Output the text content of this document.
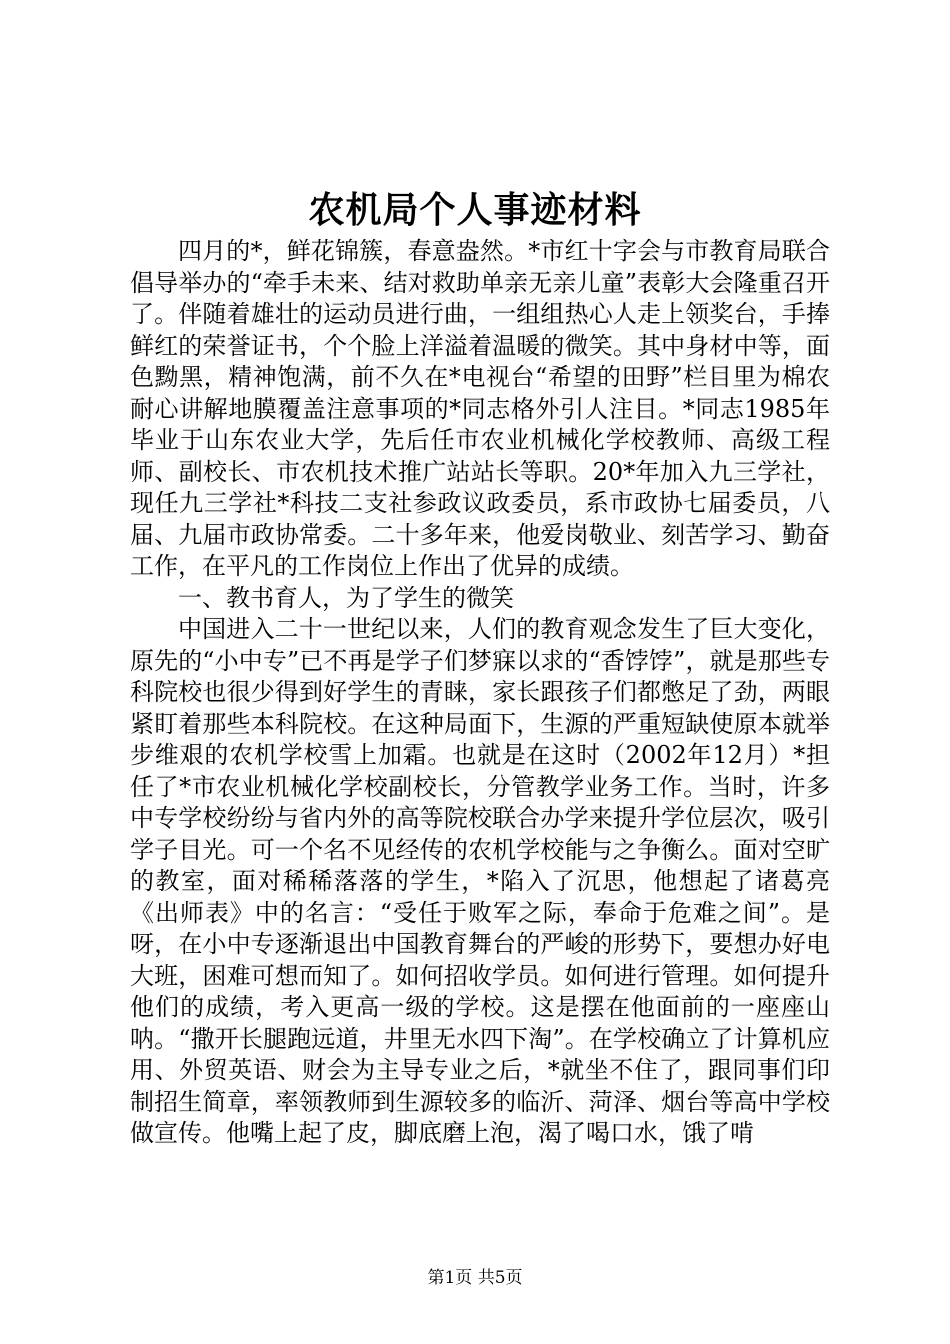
农机局个人事迹材料

四月的*，鲜花锦簇，春意盎然。*市红十字会与市教育局联合倡导举办的“牵手未来、结对救助单亲无亲儿童”表彰大会隆重召开了。伴随着雄壮的运动员进行曲，一组组热心人走上领奖台，手捧鲜红的荣誉证书，个个脸上洋溢着温暖的微笑。其中身材中等，面色黝黑，精神饱满，前不久在*电视台“希望的田野”栏目里为棉农耐心讲解地膜覆盖注意事项的*同志格外引人注目。*同志1985年毕业于山东农业大学，先后任市农业机械化学校教师、高级工程师、副校长、市农机技术推广站站长等职。20*年加入九三学社，现任九三学社*科技二支社参政议政委员，系市政协七届委员，八届、九届市政协常委。二十多年来，他爱岗敬业、刻苦学习、勤奋工作，在平凡的工作岗位上作出了优异的成绩。

一、教书育人，为了学生的微笑

中国进入二十一世纪以来，人们的教育观念发生了巨大变化，原先的“小中专”已不再是学子们梦寐以求的“香饽饽”，就是那些专科院校也很少得到好学生的青睐，家长跟孩子们都憋足了劲，两眼紧盯着那些本科院校。在这种局面下，生源的严重短缺使原本就举步维艰的农机学校雪上加霜。也就是在这时（2002年12月）*担任了*市农业机械化学校副校长，分管教学业务工作。当时，许多中专学校纷纷与省内外的高等院校联合办学来提升学位层次，吸引学子目光。可一个名不见经传的农机学校能与之争衡么。面对空旷的教室，面对稀稀落落的学生，*陷入了沉思，他想起了诸葛亮《出师表》中的名言：“受任于败军之际，奉命于危难之间”。是呀，在小中专逐渐退出中国教育舞台的严峻的形势下，要想办好电大班，困难可想而知了。如何招收学员。如何进行管理。如何提升他们的成绩，考入更高一级的学校。这是摆在他面前的一座座山呐。“撒开长腿跑远道，井里无水四下淘”。在学校确立了计算机应用、外贸英语、财会为主导专业之后，*就坐不住了，跟同事们印制招生简章，率领教师到生源较多的临沂、菏泽、烟台等高中学校做宣传。他嘴上起了皮，脚底磨上泡，渴了喝口水，饿了啃

第1页 共5页
